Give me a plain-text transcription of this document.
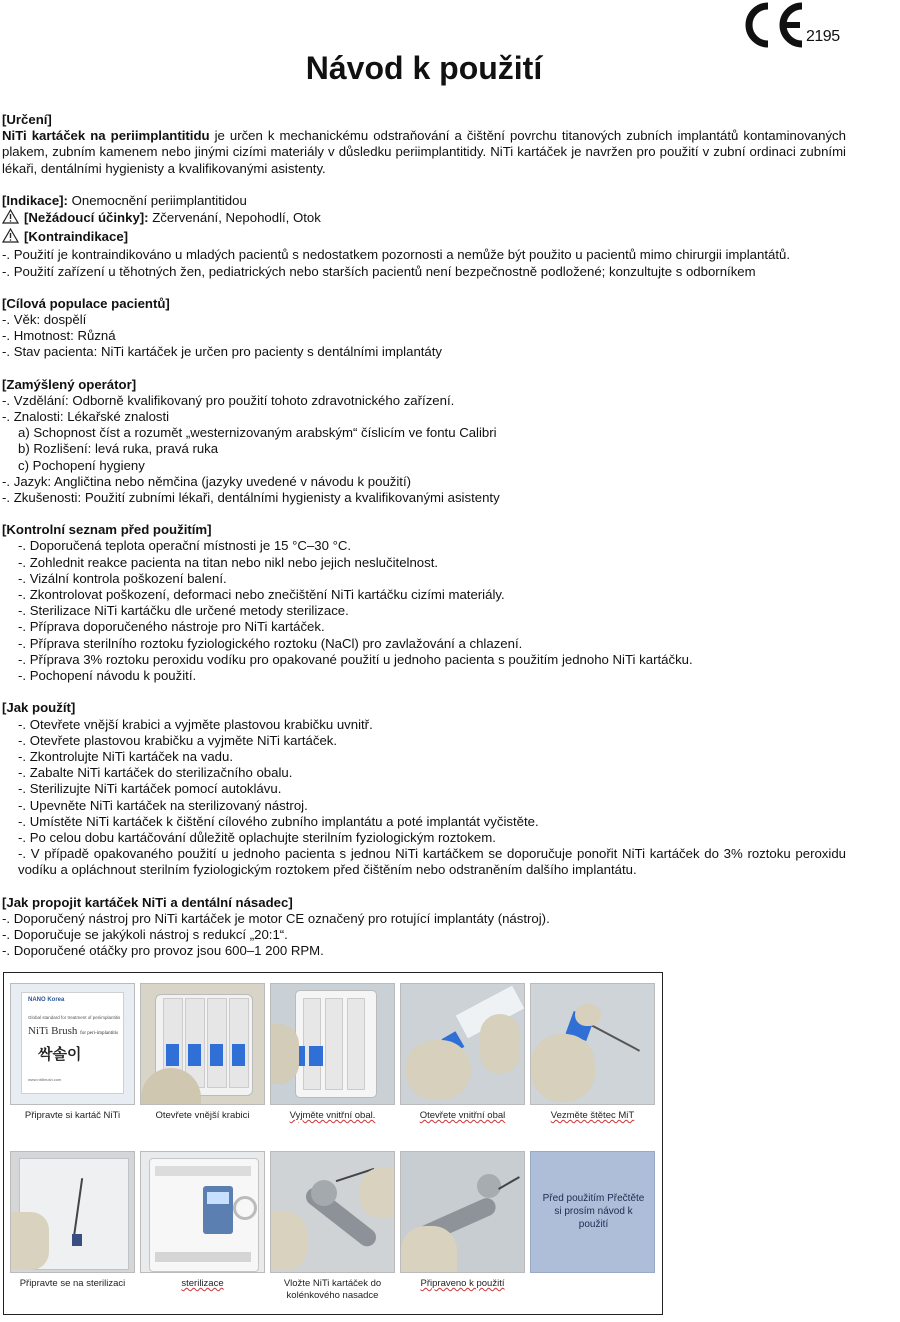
2195
Návod k použití

[Určení]

NiTi kartáček na periimplantitidu je určen k mechanickému odstraňování a čištění povrchu titanových zubních implantátů kontaminovaných plakem, zubním kamenem nebo jinými cizími materiály v důsledku periimplantitidy. NiTi kartáček je navržen pro použití v zubní ordinaci zubními lékaři, dentálními hygienisty a kvalifikovanými asistenty.

[Indikace]: Onemocnění periimplantitidou

[Nežádoucí účinky]: Zčervenání, Nepohodlí, Otok

[Kontraindikace]

-. Použití je kontraindikováno u mladých pacientů s nedostatkem pozornosti a nemůže být použito u pacientů mimo chirurgii implantátů.

-. Použití zařízení u těhotných žen, pediatrických nebo starších pacientů není bezpečnostně podložené; konzultujte s odborníkem

[Cílová populace pacientů]

-. Věk: dospělí

-. Hmotnost: Různá

-. Stav pacienta: NiTi kartáček je určen pro pacienty s dentálními implantáty

[Zamýšlený operátor]

-. Vzdělání: Odborně kvalifikovaný pro použití tohoto zdravotnického zařízení.

-. Znalosti: Lékařské znalosti

a) Schopnost číst a rozumět „westernizovaným arabským“ číslicím ve fontu Calibri

b) Rozlišení: levá ruka, pravá ruka

c) Pochopení hygieny

-. Jazyk: Angličtina nebo němčina (jazyky uvedené v návodu k použití)

-. Zkušenosti: Použití zubními lékaři, dentálními hygienisty a kvalifikovanými asistenty

[Kontrolní seznam před použitím]

-. Doporučená teplota operační místnosti je 15 °C–30 °C.

-. Zohlednit reakce pacienta na titan nebo nikl nebo jejich neslučitelnost.

-. Vizální kontrola poškození balení.

-. Zkontrolovat poškození, deformaci nebo znečištění NiTi kartáčku cizími materiály.

-. Sterilizace NiTi kartáčku dle určené metody sterilizace.

-. Příprava doporučeného nástroje pro NiTi kartáček.

-. Příprava sterilního roztoku fyziologického roztoku (NaCl) pro zavlažování a chlazení.

-. Příprava 3% roztoku peroxidu vodíku pro opakované použití u jednoho pacienta s použitím jednoho NiTi kartáčku.

-. Pochopení návodu k použití.

[Jak použít]

-. Otevřete vnější krabici a vyjměte plastovou krabičku uvnitř.

-. Otevřete plastovou krabičku a vyjměte NiTi kartáček.

-. Zkontrolujte NiTi kartáček na vadu.

-. Zabalte NiTi kartáček do sterilizačního obalu.

-. Sterilizujte NiTi kartáček pomocí autoklávu.

-. Upevněte NiTi kartáček na sterilizovaný nástroj.

-. Umístěte NiTi kartáček k čištění cílového zubního implantátu a poté implantát vyčistěte.

-. Po celou dobu kartáčování důležitě oplachujte sterilním fyziologickým roztokem.

-. V případě opakovaného použití u jednoho pacienta s jednou NiTi kartáčkem se doporučuje ponořit NiTi kartáček do 3% roztoku peroxidu vodíku a opláchnout sterilním fyziologickým roztokem před čištěním nebo odstraněním dalšího implantátu.

[Jak propojit kartáček NiTi a dentální násadec]

-. Doporučený nástroj pro NiTi kartáček je motor CE označený pro rotující implantáty (nástroj).

-. Doporučuje se jakýkoli nástroj s redukcí „20:1“.

-. Doporučené otáčky pro provoz jsou 600–1 200 RPM.

NANO Korea
Global standard for treatment of periimplantitis
NiTi Brush for peri-implantitis
싹솔이
www.nitibrush.com
Připravte si kartáč NiTi	Otevřete vnější krabici	Vyjměte vnitřní obal.	Otevřete vnitřní obal	Vezměte štětec MiT
Připravte se na sterilizaci	sterilizace	Vložte NiTi kartáček do kolénkového nasadce
Připraveno k použití
Před použitím Přečtěte si prosím návod k použití
